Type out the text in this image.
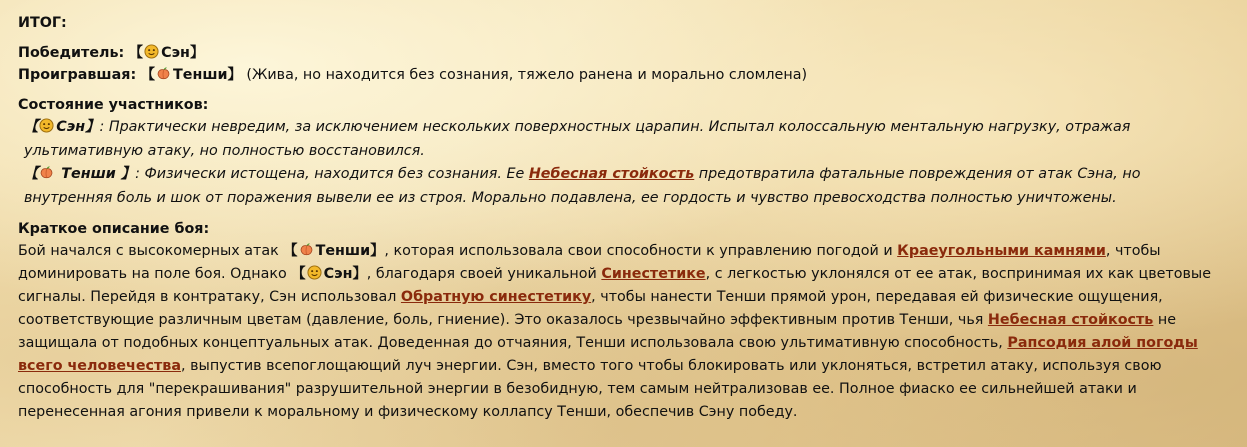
ИТОГ:
Победитель: 【 Сэн】
Проигравшая: 【 Тенши】 (Жива, но находится без сознания, тяжело ранена и морально сломлена)
Состояние участников:
【 Сэн】: Практически невредим, за исключением нескольких поверхностных царапин. Испытал колоссальную ментальную нагрузку, отражая ультимативную атаку, но полностью восстановился.
【 Тенши 】: Физически истощена, находится без сознания. Ее Небесная стойкость предотвратила фатальные повреждения от атак Сэна, но внутренняя боль и шок от поражения вывели ее из строя. Морально подавлена, ее гордость и чувство превосходства полностью уничтожены.
Краткое описание боя:
Бой начался с высокомерных атак 【 Тенши】, которая использовала свои способности к управлению погодой и Краеугольными камнями, чтобы доминировать на поле боя. Однако 【 Сэн】, благодаря своей уникальной Синестетике, с легкостью уклонялся от ее атак, воспринимая их как цветовые сигналы. Перейдя в контратаку, Сэн использовал Обратную синестетику, чтобы нанести Тенши прямой урон, передавая ей физические ощущения, соответствующие различным цветам (давление, боль, гниение). Это оказалось чрезвычайно эффективным против Тенши, чья Небесная стойкость не защищала от подобных концептуальных атак. Доведенная до отчаяния, Тенши использовала свою ультимативную способность, Рапсодия алой погоды всего человечества, выпустив всепоглощающий луч энергии. Сэн, вместо того чтобы блокировать или уклоняться, встретил атаку, используя свою способность для "перекрашивания" разрушительной энергии в безобидную, тем самым нейтрализовав ее. Полное фиаско ее сильнейшей атаки и перенесенная агония привели к моральному и физическому коллапсу Тенши, обеспечив Сэну победу.
